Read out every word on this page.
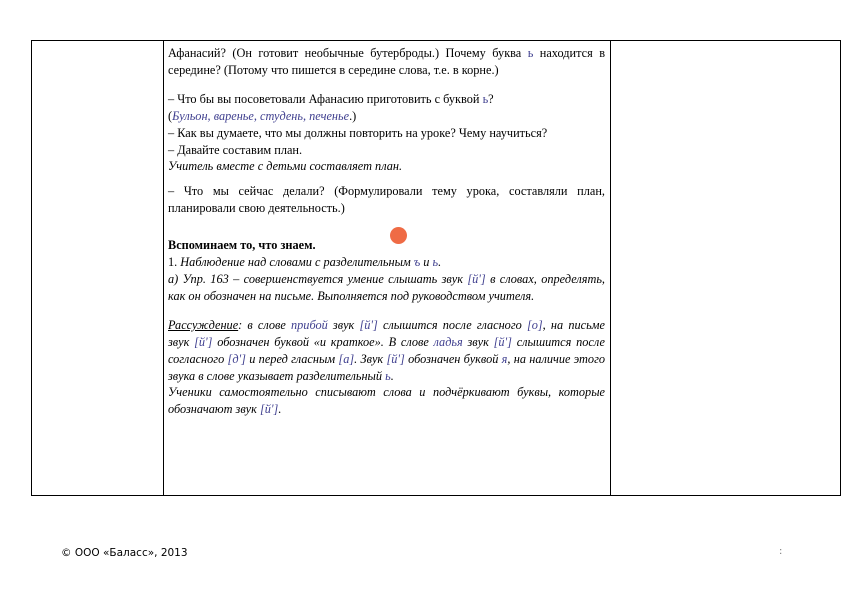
Афанасий? (Он готовит необычные бутерброды.) Почему буква ь находится в середине? (Потому что пишется в середине слова, т.е. в корне.)

– Что бы вы посоветовали Афанасию приготовить с буквой ь?

(Бульон, варенье, студень, печенье.)

– Как вы думаете, что мы должны повторить на уроке? Чему научиться?

– Давайте составим план.

Учитель вместе с детьми составляет план.

– Что мы сейчас делали? (Формулировали тему урока, составляли план, планировали свою деятельность.)

Вспоминаем то, что знаем.

1. Наблюдение над словами с разделительным ъ и ь.

а) Упр. 163 – совершенствуется умение слышать звук [й'] в словах, определять, как он обозначен на письме. Выполняется под руководством учителя.

Рассуждение: в слове прибой звук [й'] слышится после гласного [о], на письме звук [й'] обозначен буквой «и краткое». В слове ладья звук [й'] слышится после согласного [д'] и перед гласным [а]. Звук [й'] обозначен буквой я, на наличие этого звука в слове указывает разделительный ь.

Ученики самостоятельно списывают слова и подчёркивают буквы, которые обозначают звук [й'].

© ООО «Баласс», 2013	:
